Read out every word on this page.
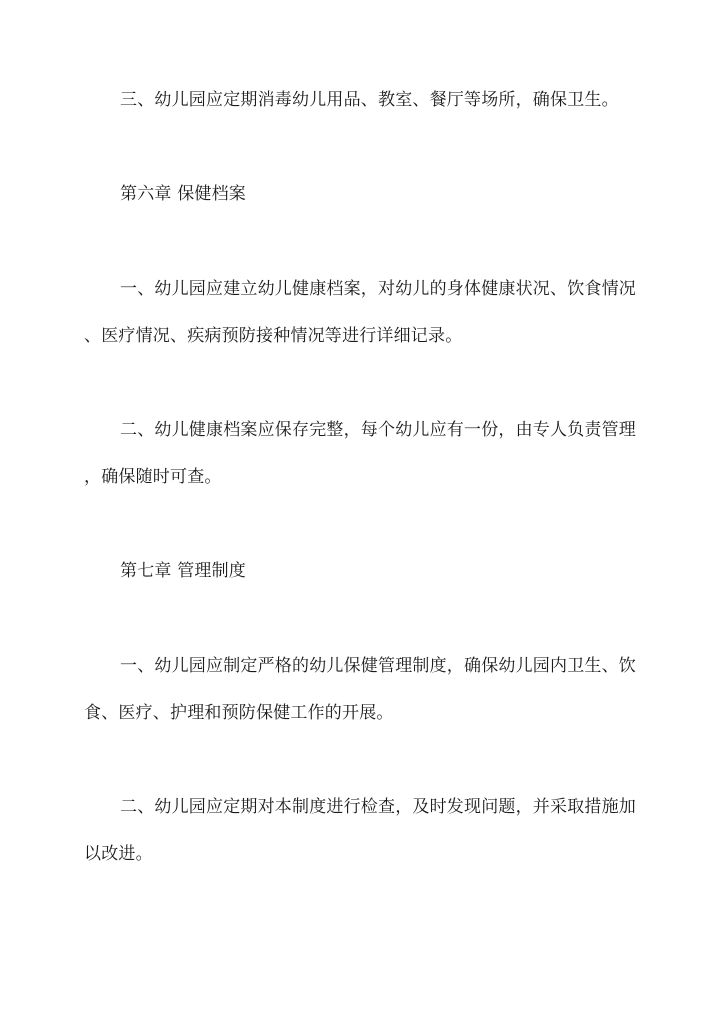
三、幼儿园应定期消毒幼儿用品、教室、餐厅等场所，确保卫生。
第六章 保健档案
一、幼儿园应建立幼儿健康档案，对幼儿的身体健康状况、饮食情况
、医疗情况、疾病预防接种情况等进行详细记录。
二、幼儿健康档案应保存完整，每个幼儿应有一份，由专人负责管理
，确保随时可查。
第七章 管理制度
一、幼儿园应制定严格的幼儿保健管理制度，确保幼儿园内卫生、饮
食、医疗、护理和预防保健工作的开展。
二、幼儿园应定期对本制度进行检查，及时发现问题，并采取措施加
以改进。
